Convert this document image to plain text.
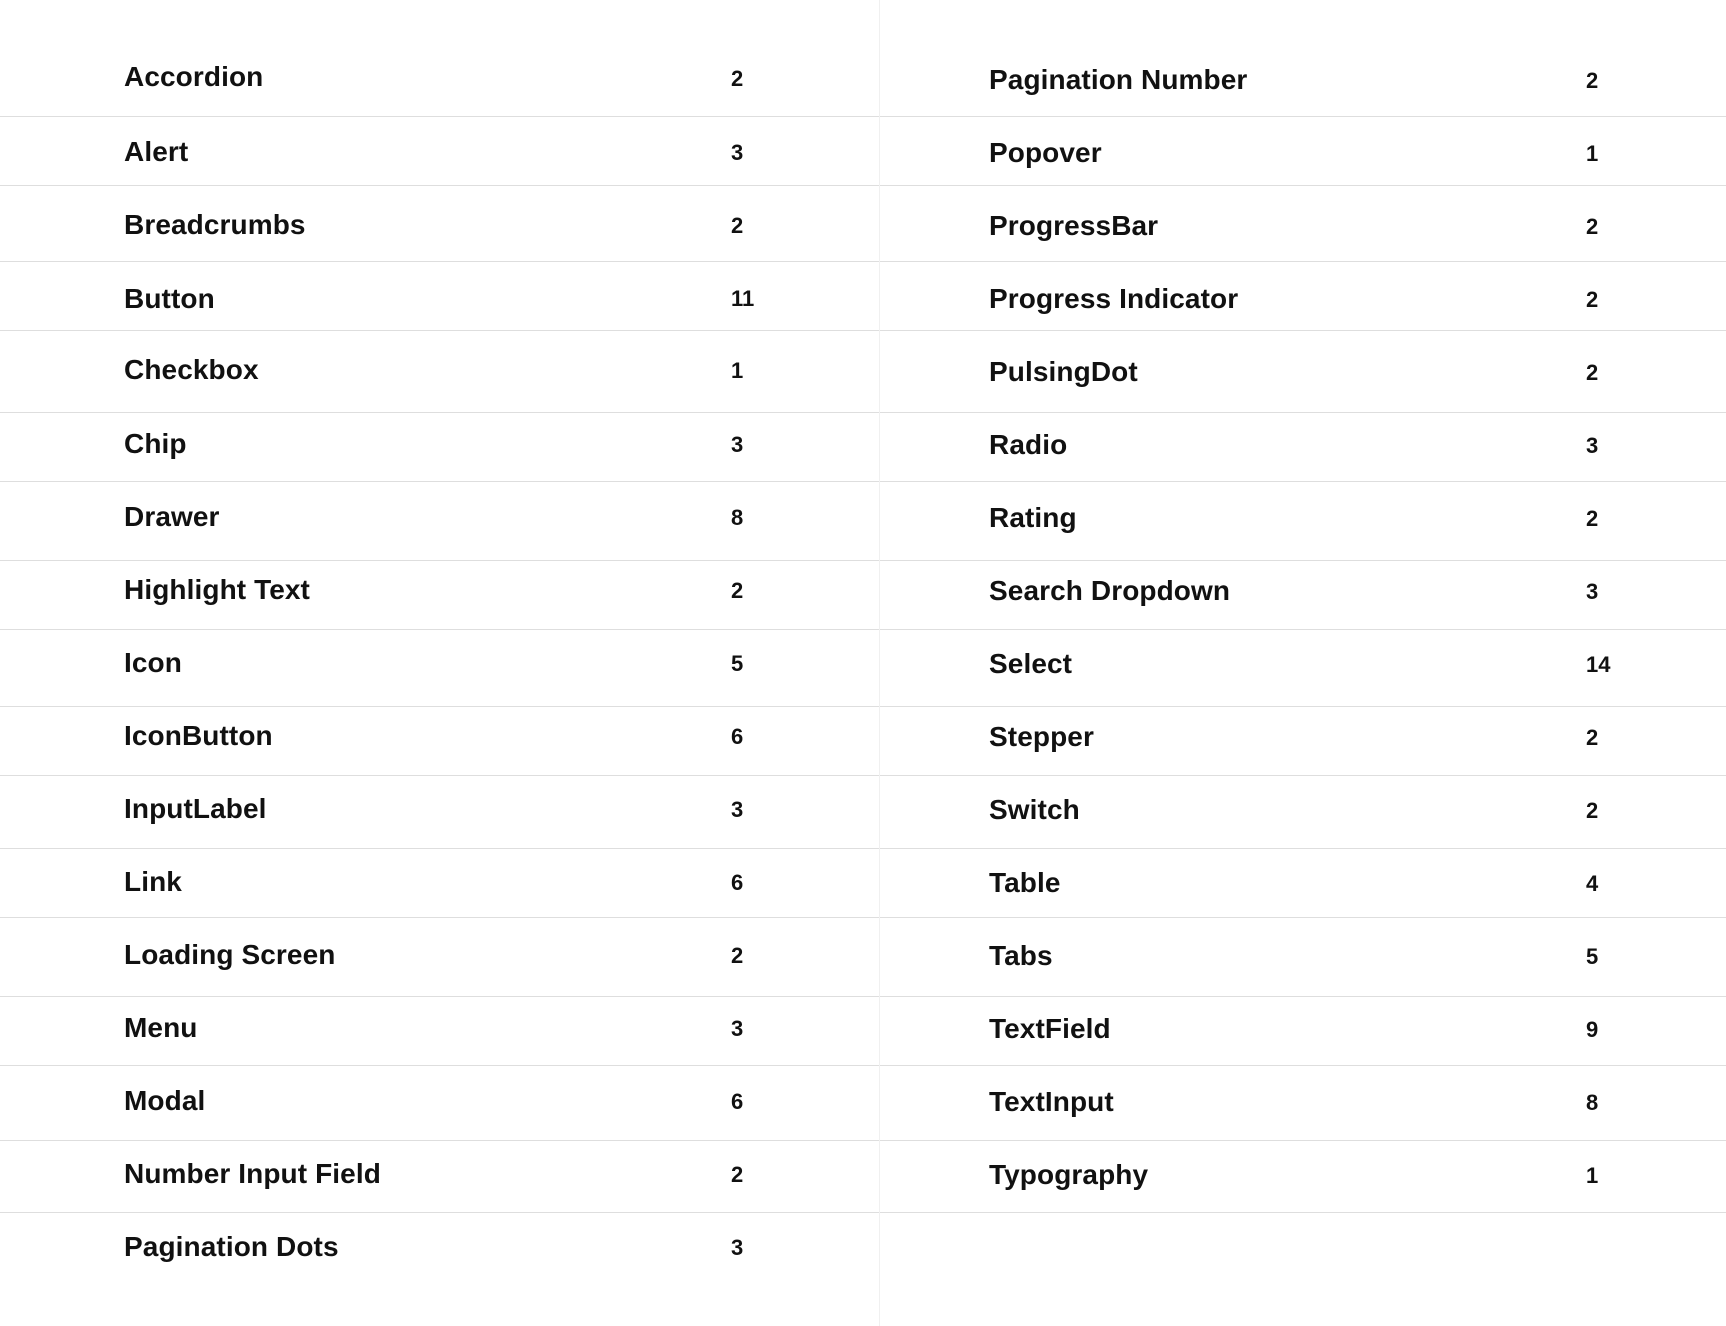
Accordion	2
Alert	3
Breadcrumbs	2
Button	11
Checkbox	1
Chip	3
Drawer	8
Highlight Text	2
Icon	5
IconButton	6
InputLabel	3
Link	6
Loading Screen	2
Menu	3
Modal	6
Number Input Field	2
Pagination Dots	3
Pagination Number	2
Popover	1
ProgressBar	2
Progress Indicator	2
PulsingDot	2
Radio	3
Rating	2
Search Dropdown	3
Select	14
Stepper	2
Switch	2
Table	4
Tabs	5
TextField	9
TextInput	8
Typography	1
